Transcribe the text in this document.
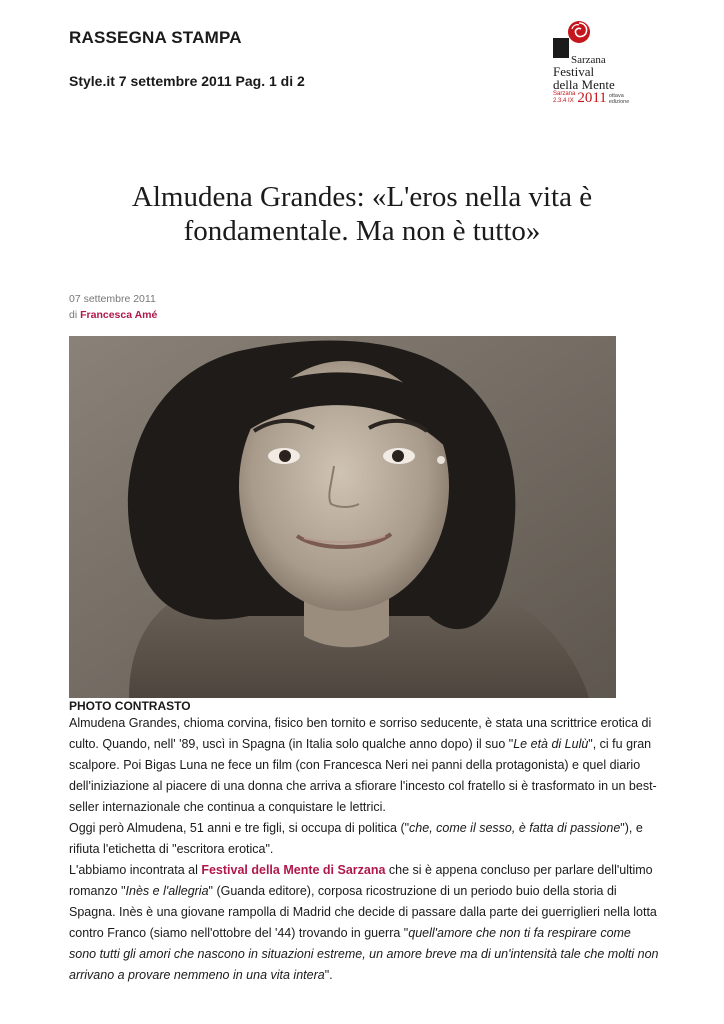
RASSEGNA STAMPA
Style.it 7 settembre 2011 Pag. 1 di 2
Sarzana
Festival
della Mente
Sarzana
2.3.4 IX 2011 ottava
edizione
Almudena Grandes: «L'eros nella vita è
fondamentale. Ma non è tutto»
07 settembre 2011
di Francesca Amé
PHOTO CONTRASTO

Almudena Grandes, chioma corvina, fisico ben tornito e sorriso seducente, è stata una scrittrice erotica di culto. Quando, nell' '89, uscì in Spagna (in Italia solo qualche anno dopo) il suo "Le età di Lulù", ci fu gran scalpore. Poi Bigas Luna ne fece un film (con Francesca Neri nei panni della protagonista) e quel diario dell'iniziazione al piacere di una donna che arriva a sfiorare l'incesto col fratello si è trasformato in un best-seller internazionale che continua a conquistare le lettrici.

Oggi però Almudena, 51 anni e tre figli, si occupa di politica ("che, come il sesso, è fatta di passione"), e rifiuta l'etichetta di "escritora erotica".

L'abbiamo incontrata al Festival della Mente di Sarzana che si è appena concluso per parlare dell'ultimo romanzo "Inès e l'allegria" (Guanda editore), corposa ricostruzione di un periodo buio della storia di Spagna. Inès è una giovane rampolla di Madrid che decide di passare dalla parte dei guerriglieri nella lotta contro Franco (siamo nell'ottobre del '44) trovando in guerra "quell'amore che non ti fa respirare come sono tutti gli amori che nascono in situazioni estreme, un amore breve ma di un'intensità tale che molti non arrivano a provare nemmeno in una vita intera".
